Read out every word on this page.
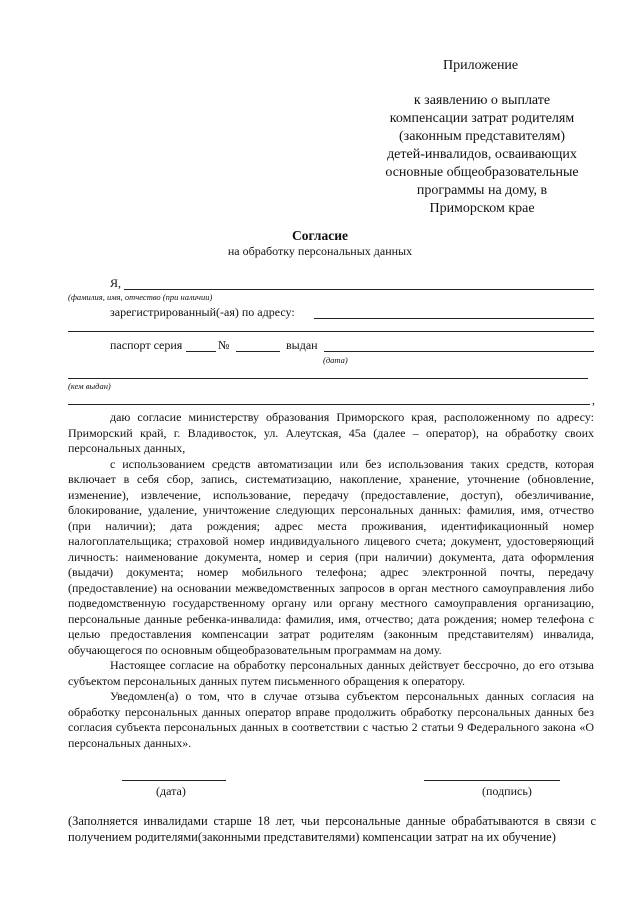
Приложение
к заявлению о выплате
компенсации затрат родителям
(законным представителям)
детей-инвалидов, осваивающих
основные общеобразовательные
программы на дому, в
Приморском крае
Согласие
на обработку персональных данных
Я,
(фамилия, имя, отчество (при наличии)
зарегистрированный(-ая) по адресу:
паспорт серия	№	выдан
(дата)
(кем выдан)
,

даю согласие министерству образования Приморского края, расположенному по адресу: Приморский край, г. Владивосток, ул. Алеутская, 45а (далее – оператор), на обработку своих персональных данных,

с использованием средств автоматизации или без использования таких средств, которая включает в себя сбор, запись, систематизацию, накопление, хранение, уточнение (обновление, изменение), извлечение, использование, передачу (предоставление, доступ), обезличивание, блокирование, удаление, уничтожение следующих персональных данных: фамилия, имя, отчество (при наличии); дата рождения; адрес места проживания, идентификационный номер налогоплательщика; страховой номер индивидуального лицевого счета; документ, удостоверяющий личность: наименование документа, номер и серия (при наличии) документа, дата оформления (выдачи) документа; номер мобильного телефона; адрес электронной почты, передачу (предоставление) на основании межведомственных запросов в орган местного самоуправления либо подведомственную государственному органу или органу местного самоуправления организацию, персональные данные ребенка-инвалида: фамилия, имя, отчество; дата рождения; номер телефона с целью предоставления компенсации затрат родителям (законным представителям) инвалида, обучающегося по основным общеобразовательным программам на дому.

Настоящее согласие на обработку персональных данных действует бессрочно, до его отзыва субъектом персональных данных путем письменного обращения к оператору.

Уведомлен(а) о том, что в случае отзыва субъектом персональных данных согласия на обработку персональных данных оператор вправе продолжить обработку персональных данных без согласия субъекта персональных данных в соответствии с частью 2 статьи 9 Федерального закона «О персональных данных».

(дата)	(подпись)
(Заполняется инвалидами старше 18 лет, чьи персональные данные обрабатываются в связи с получением родителями(законными представителями) компенсации затрат на их обучение)
